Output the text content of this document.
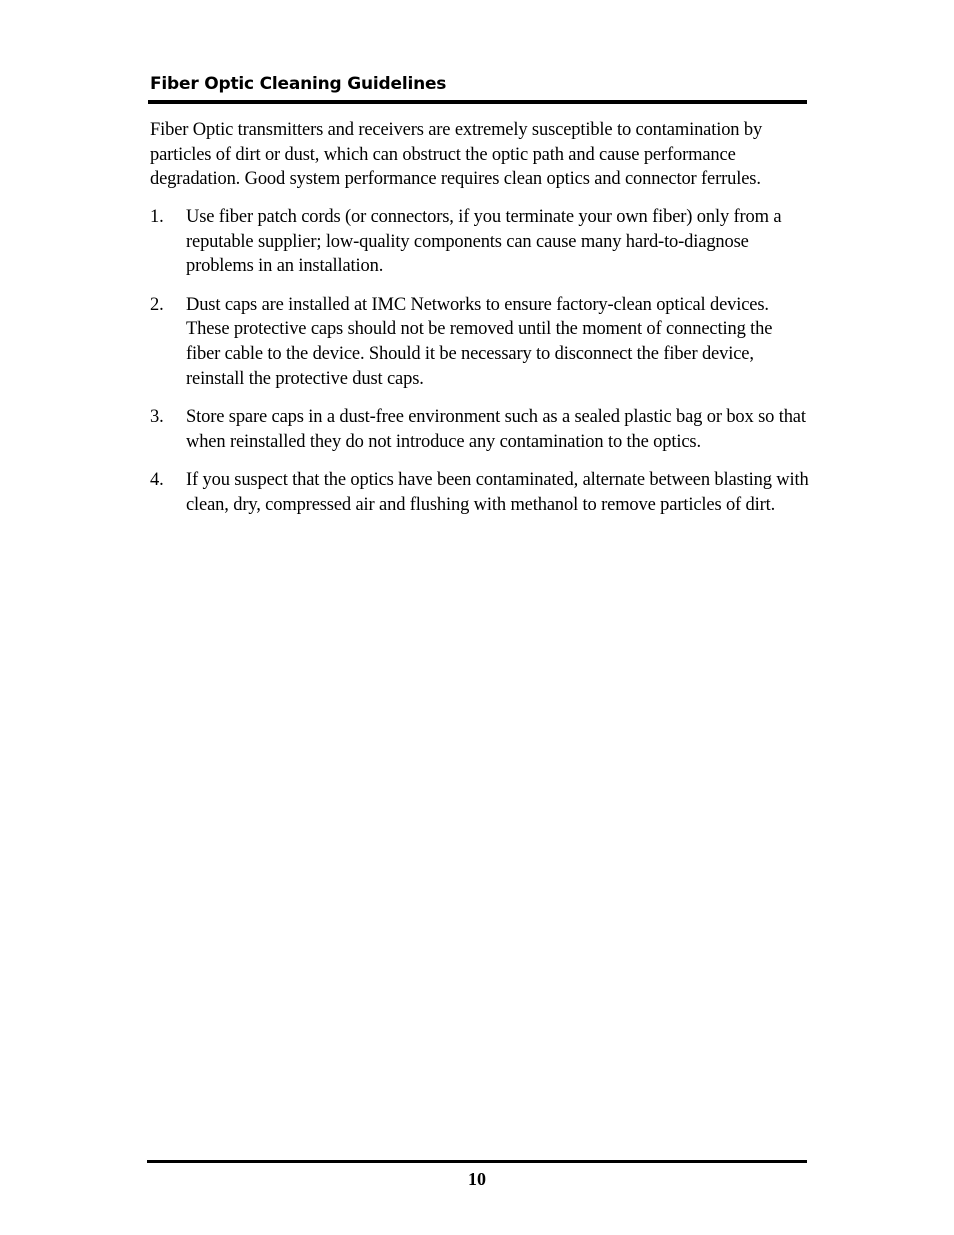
Fiber Optic Cleaning Guidelines

Fiber Optic transmitters and receivers are extremely susceptible to contamination by particles of dirt or dust, which can obstruct the optic path and cause performance degradation. Good system performance requires clean optics and connector ferrules.

1. Use fiber patch cords (or connectors, if you terminate your own fiber) only from a reputable supplier; low-quality components can cause many hard-to-diagnose problems in an installation.
2. Dust caps are installed at IMC Networks to ensure factory-clean optical devices. These protective caps should not be removed until the moment of connecting the fiber cable to the device. Should it be necessary to disconnect the fiber device, reinstall the protective dust caps.
3. Store spare caps in a dust-free environment such as a sealed plastic bag or box so that when reinstalled they do not introduce any contamination to the optics.
4. If you suspect that the optics have been contaminated, alternate between blasting with clean, dry, compressed air and flushing with methanol to remove particles of dirt.
10
